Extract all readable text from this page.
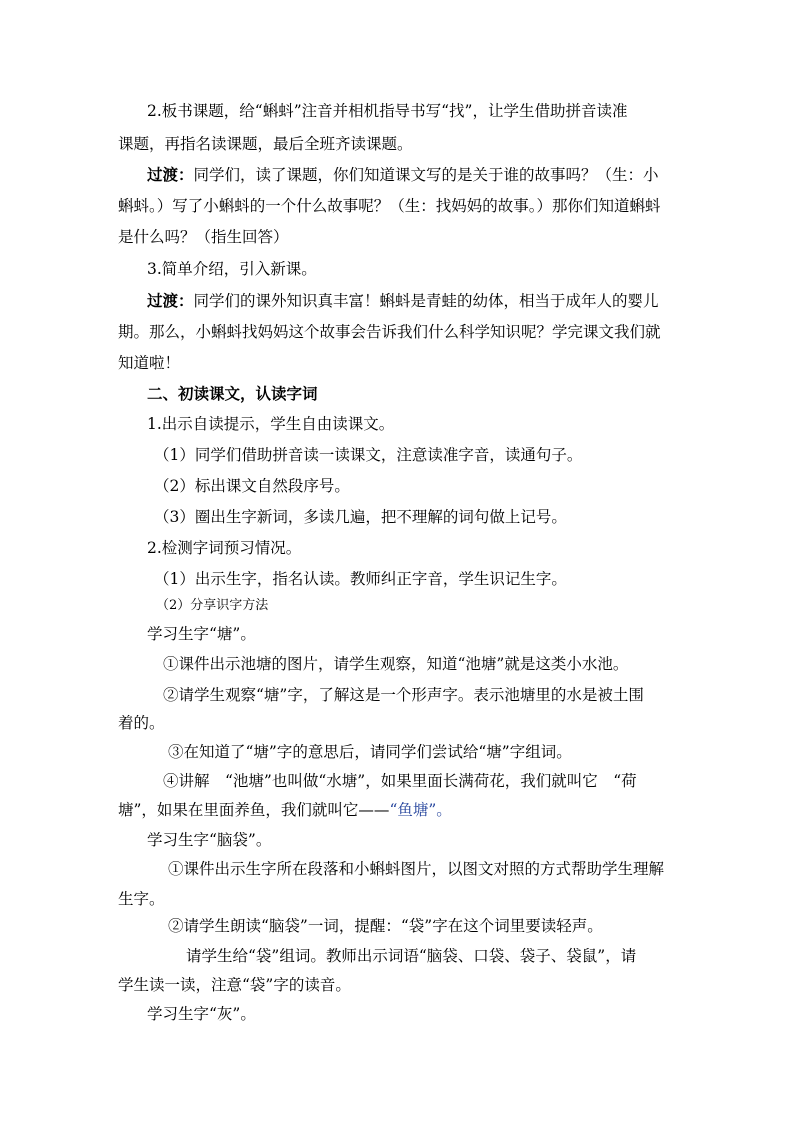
2.板书课题，给“蝌蚪”注音并相机指导书写“找”，让学生借助拼音读准
课题，再指名读课题，最后全班齐读课题。
过渡：同学们，读了课题，你们知道课文写的是关于谁的故事吗？（生：小
蝌蚪。）写了小蝌蚪的一个什么故事呢？（生：找妈妈的故事。）那你们知道蝌蚪
是什么吗？（指生回答）
3.简单介绍，引入新课。
过渡：同学们的课外知识真丰富！蝌蚪是青蛙的幼体，相当于成年人的婴儿
期。那么，小蝌蚪找妈妈这个故事会告诉我们什么科学知识呢？学完课文我们就
知道啦！
二、初读课文，认读字词
1.出示自读提示，学生自由读课文。
（1）同学们借助拼音读一读课文，注意读准字音，读通句子。
（2）标出课文自然段序号。
（3）圈出生字新词，多读几遍，把不理解的词句做上记号。
2.检测字词预习情况。
（1）出示生字，指名认读。教师纠正字音，学生识记生字。
（2）分享识字方法
学习生字“塘”。
①课件出示池塘的图片，请学生观察，知道“池塘”就是这类小水池。
②请学生观察“塘”字，了解这是一个形声字。表示池塘里的水是被土围
着的。
③在知道了“塘”字的意思后，请同学们尝试给“塘”字组词。
④讲解　“池塘”也叫做“水塘”，如果里面长满荷花，我们就叫它　“荷
塘”，如果在里面养鱼，我们就叫它——“鱼塘”。
学习生字“脑袋”。
①课件出示生字所在段落和小蝌蚪图片，以图文对照的方式帮助学生理解
生字。
②请学生朗读“脑袋”一词，提醒：“袋”字在这个词里要读轻声。
请学生给“袋”组词。教师出示词语“脑袋、口袋、袋子、袋鼠”，请
学生读一读，注意“袋”字的读音。
学习生字“灰”。
